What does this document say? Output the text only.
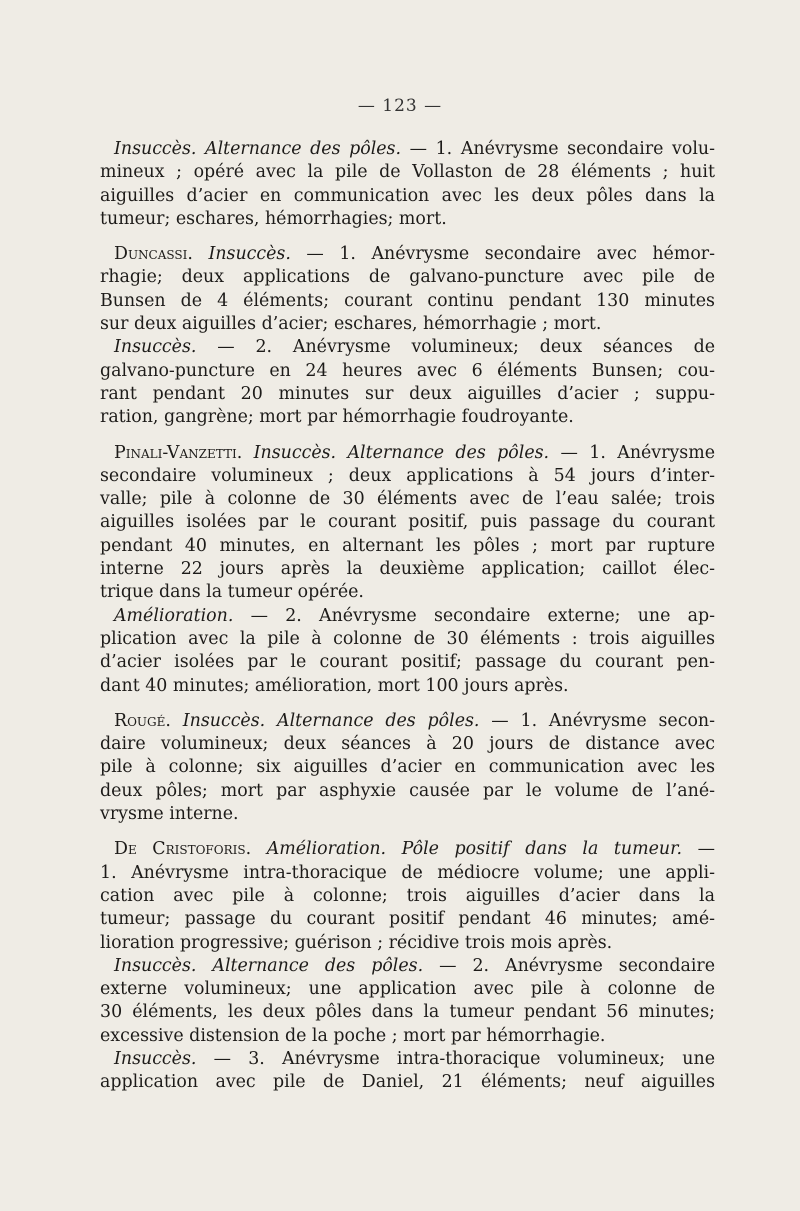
— 123 —
Insuccès. Alternance des pôles. — 1. Anévrysme secondaire volu-
mineux ; opéré avec la pile de Vollaston de 28 éléments ; huit
aiguilles d’acier en communication avec les deux pôles dans la
tumeur; eschares, hémorrhagies; mort.
Duncassi. Insuccès. — 1. Anévrysme secondaire avec hémor-
rhagie; deux applications de galvano-puncture avec pile de
Bunsen de 4 éléments; courant continu pendant 130 minutes
sur deux aiguilles d’acier; eschares, hémorrhagie ; mort.
Insuccès. — 2. Anévrysme volumineux; deux séances de
galvano-puncture en 24 heures avec 6 éléments Bunsen; cou-
rant pendant 20 minutes sur deux aiguilles d’acier ; suppu-
ration, gangrène; mort par hémorrhagie foudroyante.
Pinali-Vanzetti. Insuccès. Alternance des pôles. — 1. Anévrysme
secondaire volumineux ; deux applications à 54 jours d’inter-
valle; pile à colonne de 30 éléments avec de l’eau salée; trois
aiguilles isolées par le courant positif, puis passage du courant
pendant 40 minutes, en alternant les pôles ; mort par rupture
interne 22 jours après la deuxième application; caillot élec-
trique dans la tumeur opérée.
Amélioration. — 2. Anévrysme secondaire externe; une ap-
plication avec la pile à colonne de 30 éléments : trois aiguilles
d’acier isolées par le courant positif; passage du courant pen-
dant 40 minutes; amélioration, mort 100 jours après.
Rougé. Insuccès. Alternance des pôles. — 1. Anévrysme secon-
daire volumineux; deux séances à 20 jours de distance avec
pile à colonne; six aiguilles d’acier en communication avec les
deux pôles; mort par asphyxie causée par le volume de l’ané-
vrysme interne.
De Cristoforis. Amélioration. Pôle positif dans la tumeur. —
1. Anévrysme intra-thoracique de médiocre volume; une appli-
cation avec pile à colonne; trois aiguilles d’acier dans la
tumeur; passage du courant positif pendant 46 minutes; amé-
lioration progressive; guérison ; récidive trois mois après.
Insuccès. Alternance des pôles. — 2. Anévrysme secondaire
externe volumineux; une application avec pile à colonne de
30 éléments, les deux pôles dans la tumeur pendant 56 minutes;
excessive distension de la poche ; mort par hémorrhagie.
Insuccès. — 3. Anévrysme intra-thoracique volumineux; une
application avec pile de Daniel, 21 éléments; neuf aiguilles
